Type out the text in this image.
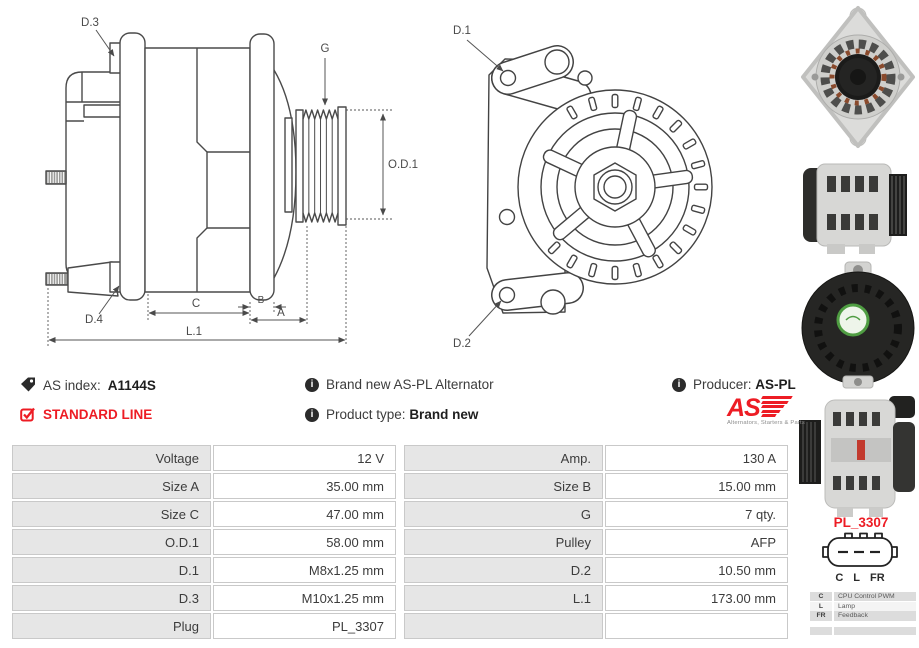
D.3
G
O.D.1
D.4
C	B
A
L.1
D.1
D.2
AS index: A1144S
STANDARD LINE
i Brand new AS-PL Alternator
i Product type: Brand new
i Producer: AS-PL
AS
Alternators, Starters & Parts
Voltage	12 V
Size A	35.00 mm
Size C	47.00 mm
O.D.1	58.00 mm
D.1	M8x1.25 mm
D.3	M10x1.25 mm
Plug	PL_3307
Amp.	130 A
Size B	15.00 mm
G	7 qty.
Pulley	AFP
D.2	10.50 mm
L.1	173.00 mm

PL_3307
C L FR
C	CPU Control PWM
L	Lamp
FR	Feedback
